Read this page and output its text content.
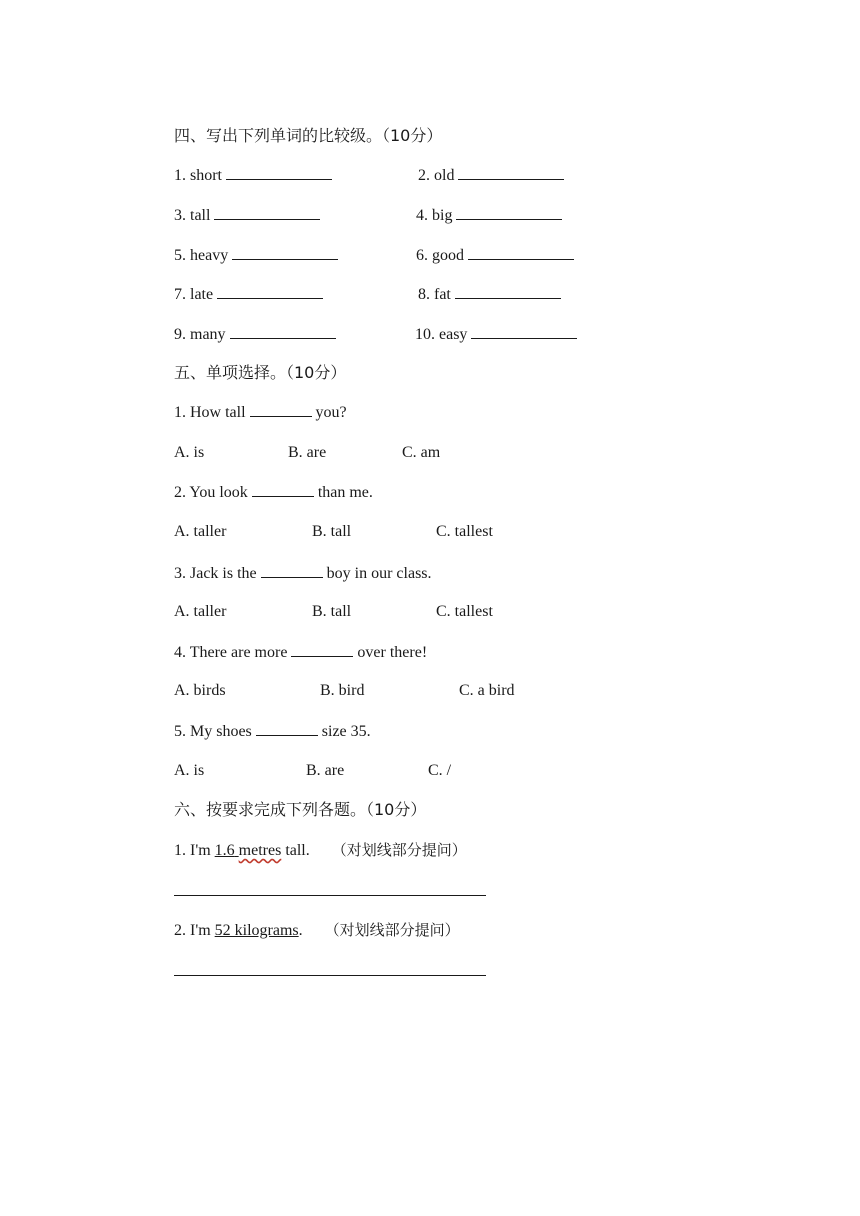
四、写出下列单词的比较级。（10分）
1. short	2. old
3. tall	4. big
5. heavy	6. good
7. late	8. fat
9. many	10. easy
五、单项选择。（10分）
1. How tall	you?
A. is	B. are	C. am
2. You look	than me.
A. taller	B. tall	C. tallest
3. Jack is the	boy in our class.
A. taller	B. tall	C. tallest
4. There are more	over there!
A. birds	B. bird	C. a bird
5. My shoes	size 35.
A. is	B. are	C. /
六、按要求完成下列各题。（10分）
1. I'm 1.6 metres tall. （对划线部分提问）
2. I'm 52 kilograms. （对划线部分提问）
